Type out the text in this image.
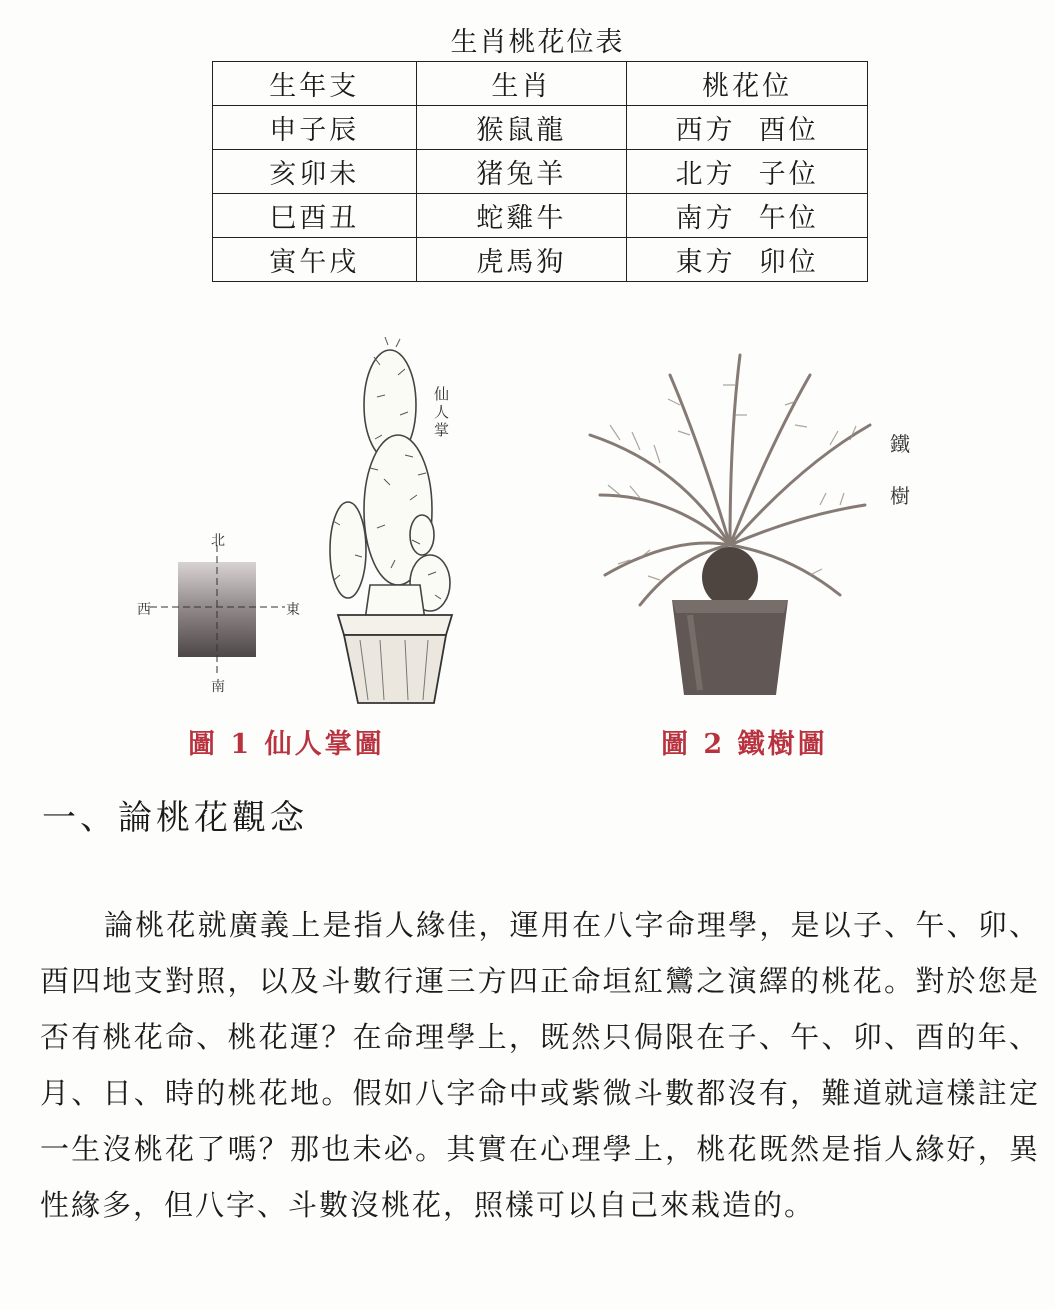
生肖桃花位表
生年支	生肖	桃花位
申子辰	猴鼠龍	西方  酉位
亥卯未	猪兔羊	北方  子位
巳酉丑	蛇雞牛	南方  午位
寅午戌	虎馬狗	東方  卯位
北
南
西	東
仙人掌
鐵樹
圖 1 仙人掌圖	圖 2 鐵樹圖
一、論桃花觀念
論桃花就廣義上是指人緣佳，運用在八字命理學，是以子、午、卯、酉四地支對照，以及斗數行運三方四正命垣紅鸞之演繹的桃花。對於您是否有桃花命、桃花運？在命理學上，既然只侷限在子、午、卯、酉的年、月、日、時的桃花地。假如八字命中或紫微斗數都沒有，難道就這樣註定一生沒桃花了嗎？那也未必。其實在心理學上，桃花既然是指人緣好，異性緣多，但八字、斗數沒桃花，照樣可以自己來栽造的。
